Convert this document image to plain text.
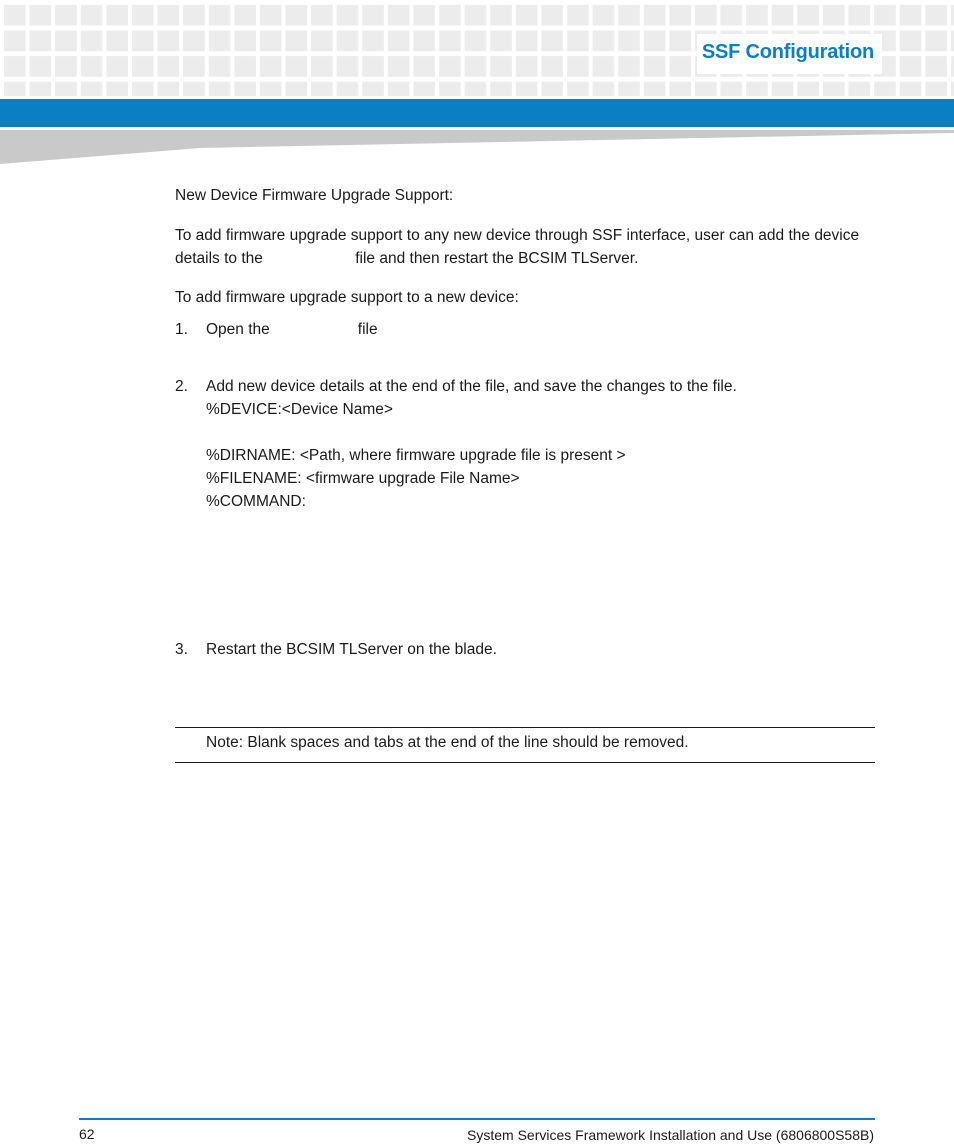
SSF Configuration

New Device Firmware Upgrade Support:

To add firmware upgrade support to any new device through SSF interface, user can add the device details to the	file and then restart the BCSIM TLServer.

To add firmware upgrade support to a new device:

1.	Open the	file
2.	Add new device details at the end of the file, and save the changes to the file.
%DEVICE:<Device Name>

%DIRNAME: <Path, where firmware upgrade file is present >
%FILENAME: <firmware upgrade File Name>
%COMMAND:
3.	Restart the BCSIM TLServer on the blade.
Note: Blank spaces and tabs at the end of the line should be removed.
62	System Services Framework Installation and Use (6806800S58B)
